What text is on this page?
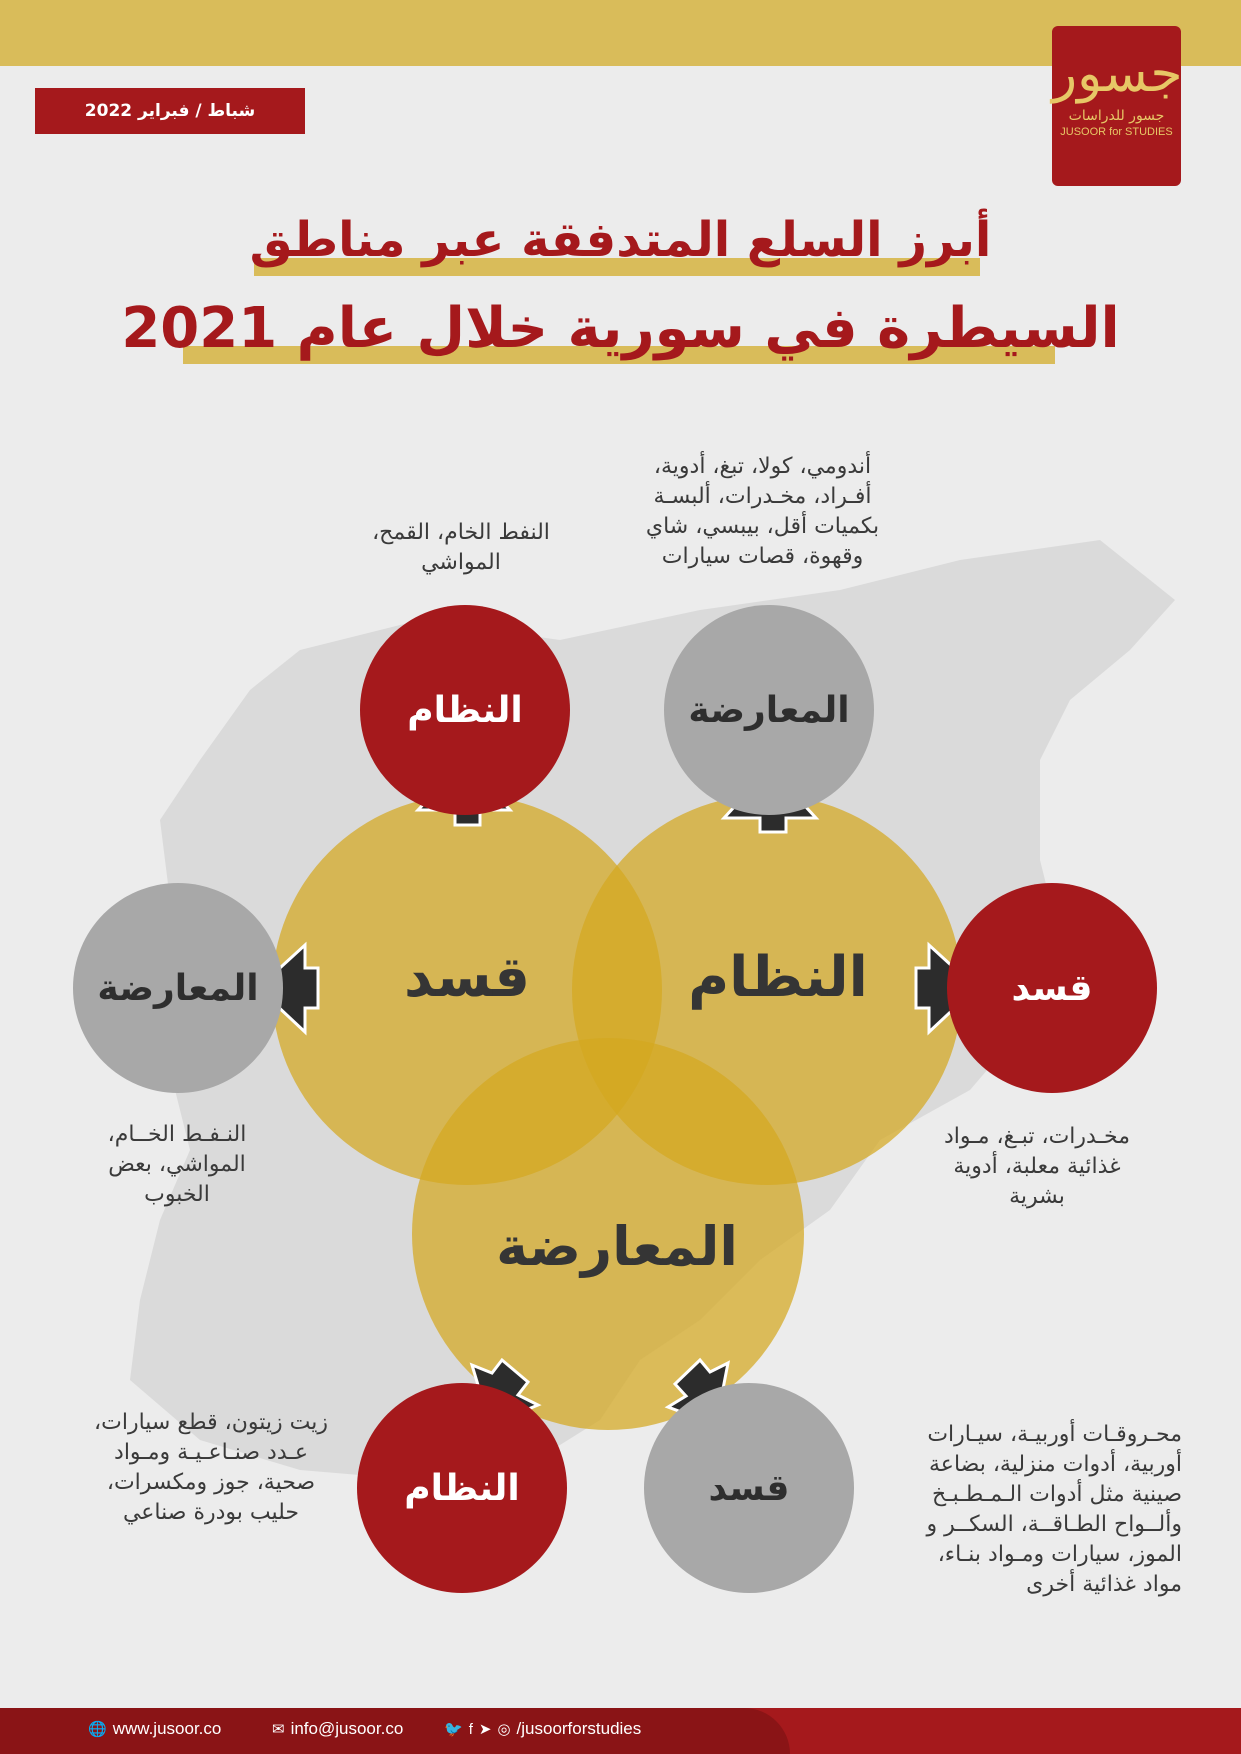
جسور
جسور للدراسات
JUSOOR for STUDIES
شباط / فبراير 2022
أبرز السلع المتدفقة عبر مناطق
السيطرة في سورية خلال عام 2021
قسد	النظام
المعارضة
النظام	المعارضة
المعارضة	قسد
النظام	قسد
النفط الخام، القمح،
المواشي
أندومي، كولا، تبغ، أدوية،
أفـراد، مخـدرات، ألبسـة
بكميات أقل، بيبسي، شاي
وقهوة، قصات سيارات
النـفـط الخــام،
المواشي، بعض
الخبوب
مخـدرات، تبـغ، مـواد
غذائية معلبة، أدوية
بشرية
زيت زيتون، قطع سيارات،
عـدد صنـاعـيـة ومـواد
صحية، جوز ومكسرات،
حليب بودرة صناعي
محـروقـات أوربيـة، سيـارات
أوربية، أدوات منزلية، بضاعة
صينية مثل أدوات الـمـطـبـخ
وألــواح الطـاقــة، السكــر و
الموز، سيارات ومـواد بنـاء،
مواد غذائية أخرى
🌐 www.jusoor.co	✉ info@jusoor.co	🐦 f ➤ ◎ /jusoorforstudies
